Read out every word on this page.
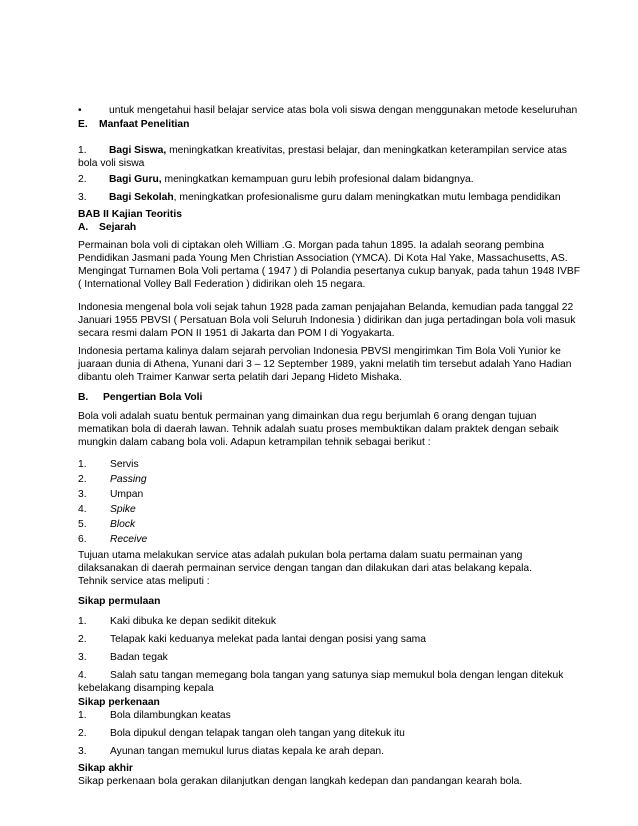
•	untuk mengetahui hasil belajar service atas bola voli siswa dengan menggunakan metode keseluruhan
E. Manfaat Penelitian
1. Bagi Siswa, meningkatkan kreativitas, prestasi belajar, dan meningkatkan keterampilan service atas
bola voli siswa
2. Bagi Guru, meningkatkan kemampuan guru lebih profesional dalam bidangnya.
3. Bagi Sekolah, meningkatkan profesionalisme guru dalam meningkatkan mutu lembaga pendidikan
BAB II Kajian Teoritis
A. Sejarah
Permainan bola voli di ciptakan oleh William .G. Morgan pada tahun 1895. Ia adalah seorang pembina
Pendidikan Jasmani pada Young Men Christian Association (YMCA). Di Kota Hal Yake, Massachusetts, AS.
Mengingat Turnamen Bola Voli pertama ( 1947 ) di Polandia pesertanya cukup banyak, pada tahun 1948 IVBF
( International Volley Ball Federation ) didirikan oleh 15 negara.
Indonesia mengenal bola voli sejak tahun 1928 pada zaman penjajahan Belanda, kemudian pada tanggal 22
Januari 1955 PBVSI ( Persatuan Bola voli Seluruh Indonesia ) didirikan dan juga pertadingan bola voli masuk
secara resmi dalam PON II 1951 di Jakarta dan POM I di Yogyakarta.
Indonesia pertama kalinya dalam sejarah pervolian Indonesia PBVSI mengirimkan Tim Bola Voli Yunior ke
juaraan dunia di Athena, Yunani dari 3 – 12 September 1989, yakni melatih tim tersebut adalah Yano Hadian
dibantu oleh Traimer Kanwar serta pelatih dari Jepang Hideto Mishaka.
B. Pengertian Bola Voli
Bola voli adalah suatu bentuk permainan yang dimainkan dua regu berjumlah 6 orang dengan tujuan
mematikan bola di daerah lawan. Tehnik adalah suatu proses membuktikan dalam praktek dengan sebaik
mungkin dalam cabang bola voli. Adapun ketrampilan tehnik sebagai berikut :
1. Servis
2. Passing
3. Umpan
4. Spike
5. Block
6. Receive
Tujuan utama melakukan service atas adalah pukulan bola pertama dalam suatu permainan yang
dilaksanakan di daerah permainan service dengan tangan dan dilakukan dari atas belakang kepala.
Tehnik service atas meliputi :
Sikap permulaan
1. Kaki dibuka ke depan sedikit ditekuk
2. Telapak kaki keduanya melekat pada lantai dengan posisi yang sama
3. Badan tegak
4. Salah satu tangan memegang bola tangan yang satunya siap memukul bola dengan lengan ditekuk
kebelakang disamping kepala
Sikap perkenaan
1. Bola dilambungkan keatas
2. Bola dipukul dengan telapak tangan oleh tangan yang ditekuk itu
3. Ayunan tangan memukul lurus diatas kepala ke arah depan.
Sikap akhir
Sikap perkenaan bola gerakan dilanjutkan dengan langkah kedepan dan pandangan kearah bola.
